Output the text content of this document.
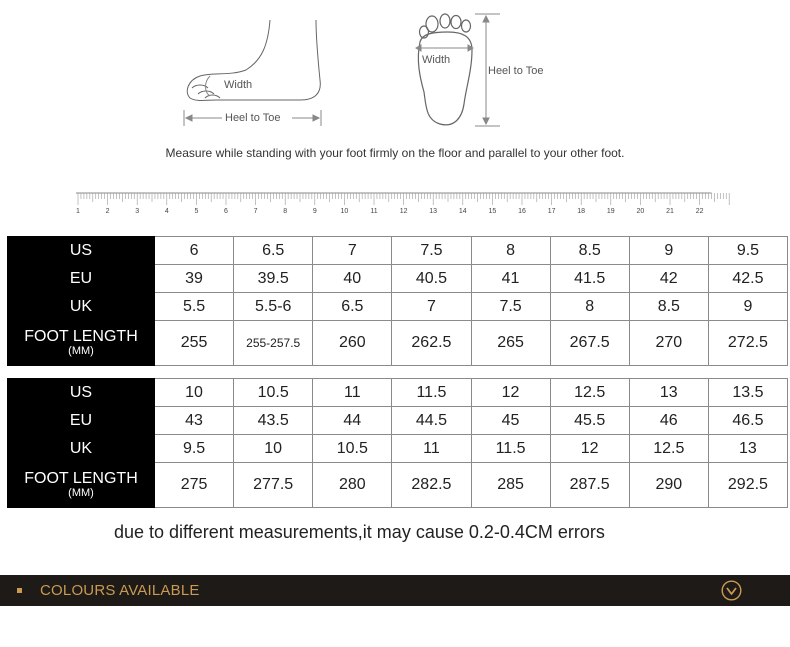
Width
Heel to Toe
Width
Heel to Toe
Measure while standing with your foot firmly on the floor and parallel to your other foot.
1	2	3	4	5	6	7	8	9	10	11	12	13	14	15	16	17	18	19	20	21	22
US	6	6.5	7	7.5	8	8.5	9	9.5
EU	39	39.5	40	40.5	41	41.5	42	42.5
UK	5.5	5.5-6	6.5	7	7.5	8	8.5	9

FOOT LENGTH
(MM)	255	255-257.5	260	262.5	265	267.5	270	272.5
US	10	10.5	11	11.5	12	12.5	13	13.5
EU	43	43.5	44	44.5	45	45.5	46	46.5
UK	9.5	10	10.5	11	11.5	12	12.5	13

FOOT LENGTH
(MM)	275	277.5	280	282.5	285	287.5	290	292.5
due to different measurements,it may cause 0.2-0.4CM errors
COLOURS AVAILABLE
